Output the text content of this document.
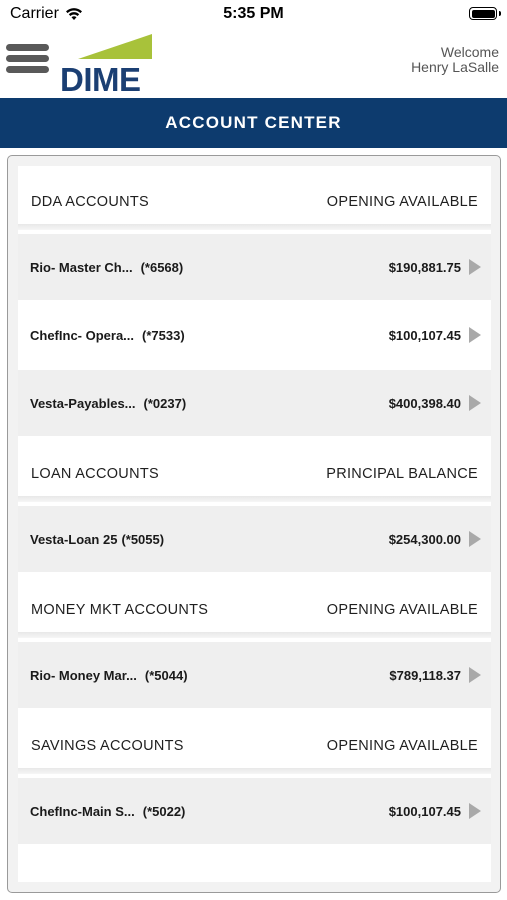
Carrier	5:35 PM
DIME
Welcome
Henry LaSalle
ACCOUNT CENTER
DDA ACCOUNTS	OPENING AVAILABLE
Rio- Master Ch... (*6568)	$190,881.75
ChefInc- Opera... (*7533)	$100,107.45
Vesta-Payables... (*0237)	$400,398.40
LOAN ACCOUNTS	PRINCIPAL BALANCE
Vesta-Loan 25 (*5055)	$254,300.00
MONEY MKT ACCOUNTS	OPENING AVAILABLE
Rio- Money Mar... (*5044)	$789,118.37
SAVINGS ACCOUNTS	OPENING AVAILABLE
ChefInc-Main S... (*5022)	$100,107.45
